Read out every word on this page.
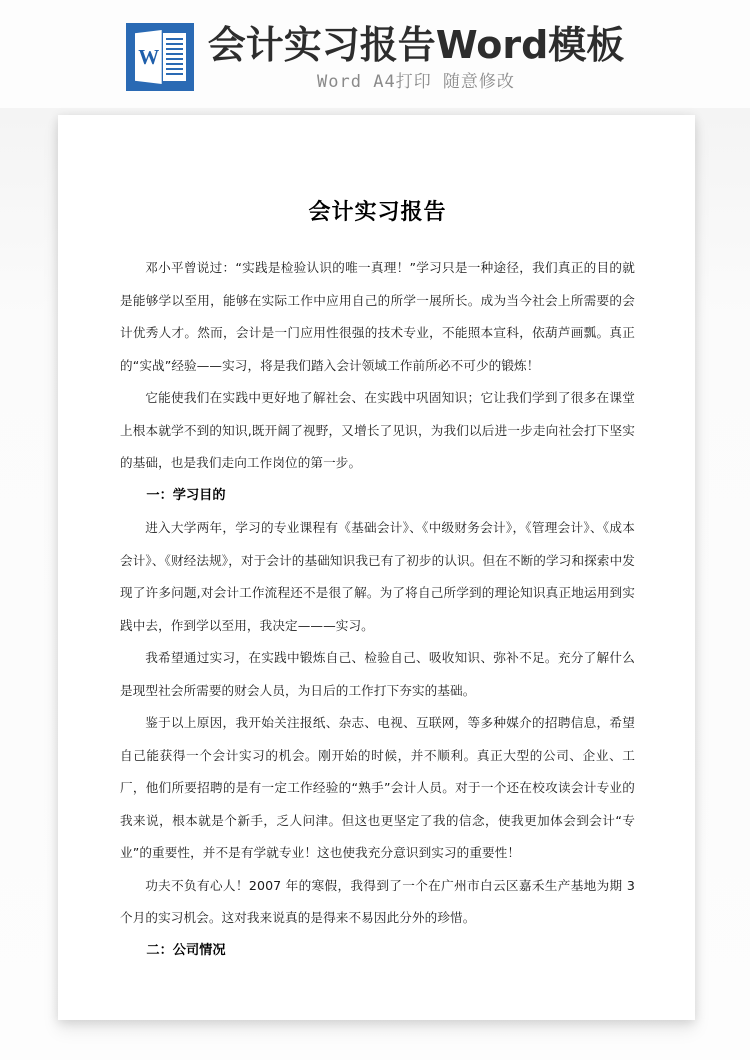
W 会计实习报告Word模板
Word A4打印 随意修改
会计实习报告

邓小平曾说过：“实践是检验认识的唯一真理！”学习只是一种途径，我们真正的目的就是能够学以至用，能够在实际工作中应用自己的所学一展所长。成为当今社会上所需要的会计优秀人才。然而，会计是一门应用性很强的技术专业，不能照本宣科，依葫芦画瓢。真正的“实战”经验——实习，将是我们踏入会计领域工作前所必不可少的锻炼！

它能使我们在实践中更好地了解社会、在实践中巩固知识；它让我们学到了很多在课堂上根本就学不到的知识,既开阔了视野，又增长了见识，为我们以后进一步走向社会打下坚实的基础，也是我们走向工作岗位的第一步。

一：学习目的

进入大学两年，学习的专业课程有《基础会计》、《中级财务会计》，《管理会计》、《成本会计》、《财经法规》，对于会计的基础知识我已有了初步的认识。但在不断的学习和探索中发现了许多问题,对会计工作流程还不是很了解。为了将自己所学到的理论知识真正地运用到实践中去，作到学以至用，我决定———实习。

我希望通过实习，在实践中锻炼自己、检验自己、吸收知识、弥补不足。充分了解什么是现型社会所需要的财会人员，为日后的工作打下夯实的基础。

鉴于以上原因，我开始关注报纸、杂志、电视、互联网，等多种媒介的招聘信息，希望自己能获得一个会计实习的机会。刚开始的时候，并不顺利。真正大型的公司、企业、工厂，他们所要招聘的是有一定工作经验的“熟手”会计人员。对于一个还在校攻读会计专业的我来说，根本就是个新手，乏人问津。但这也更坚定了我的信念，使我更加体会到会计“专业”的重要性，并不是有学就专业！这也使我充分意识到实习的重要性！

功夫不负有心人！2007 年的寒假，我得到了一个在广州市白云区嘉禾生产基地为期 3 个月的实习机会。这对我来说真的是得来不易因此分外的珍惜。

二：公司情况
